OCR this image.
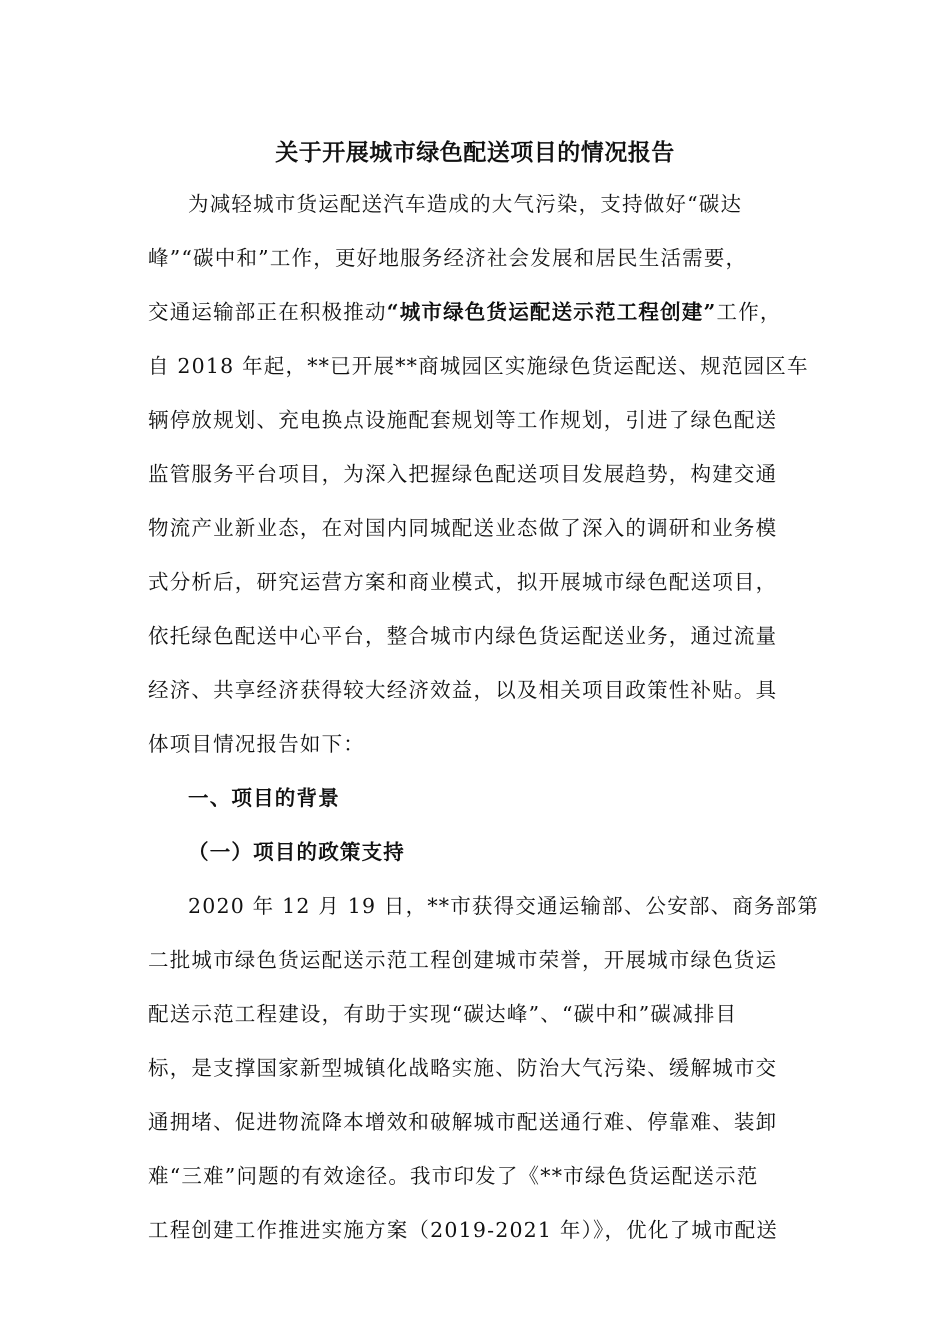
关于开展城市绿色配送项目的情况报告
为减轻城市货运配送汽车造成的大气污染，支持做好“碳达
峰”“碳中和”工作，更好地服务经济社会发展和居民生活需要，
交通运输部正在积极推动“城市绿色货运配送示范工程创建”工作，
自 2018 年起，**已开展**商城园区实施绿色货运配送、规范园区车
辆停放规划、充电换点设施配套规划等工作规划，引进了绿色配送
监管服务平台项目，为深入把握绿色配送项目发展趋势，构建交通
物流产业新业态，在对国内同城配送业态做了深入的调研和业务模
式分析后，研究运营方案和商业模式，拟开展城市绿色配送项目，
依托绿色配送中心平台，整合城市内绿色货运配送业务，通过流量
经济、共享经济获得较大经济效益，以及相关项目政策性补贴。具
体项目情况报告如下：
一、项目的背景
（一）项目的政策支持
2020 年 12 月 19 日，**市获得交通运输部、公安部、商务部第
二批城市绿色货运配送示范工程创建城市荣誉，开展城市绿色货运
配送示范工程建设，有助于实现“碳达峰”、“碳中和”碳减排目
标，是支撑国家新型城镇化战略实施、防治大气污染、缓解城市交
通拥堵、促进物流降本增效和破解城市配送通行难、停靠难、装卸
难“三难”问题的有效途径。我市印发了《**市绿色货运配送示范
工程创建工作推进实施方案（2019-2021 年）》，优化了城市配送
